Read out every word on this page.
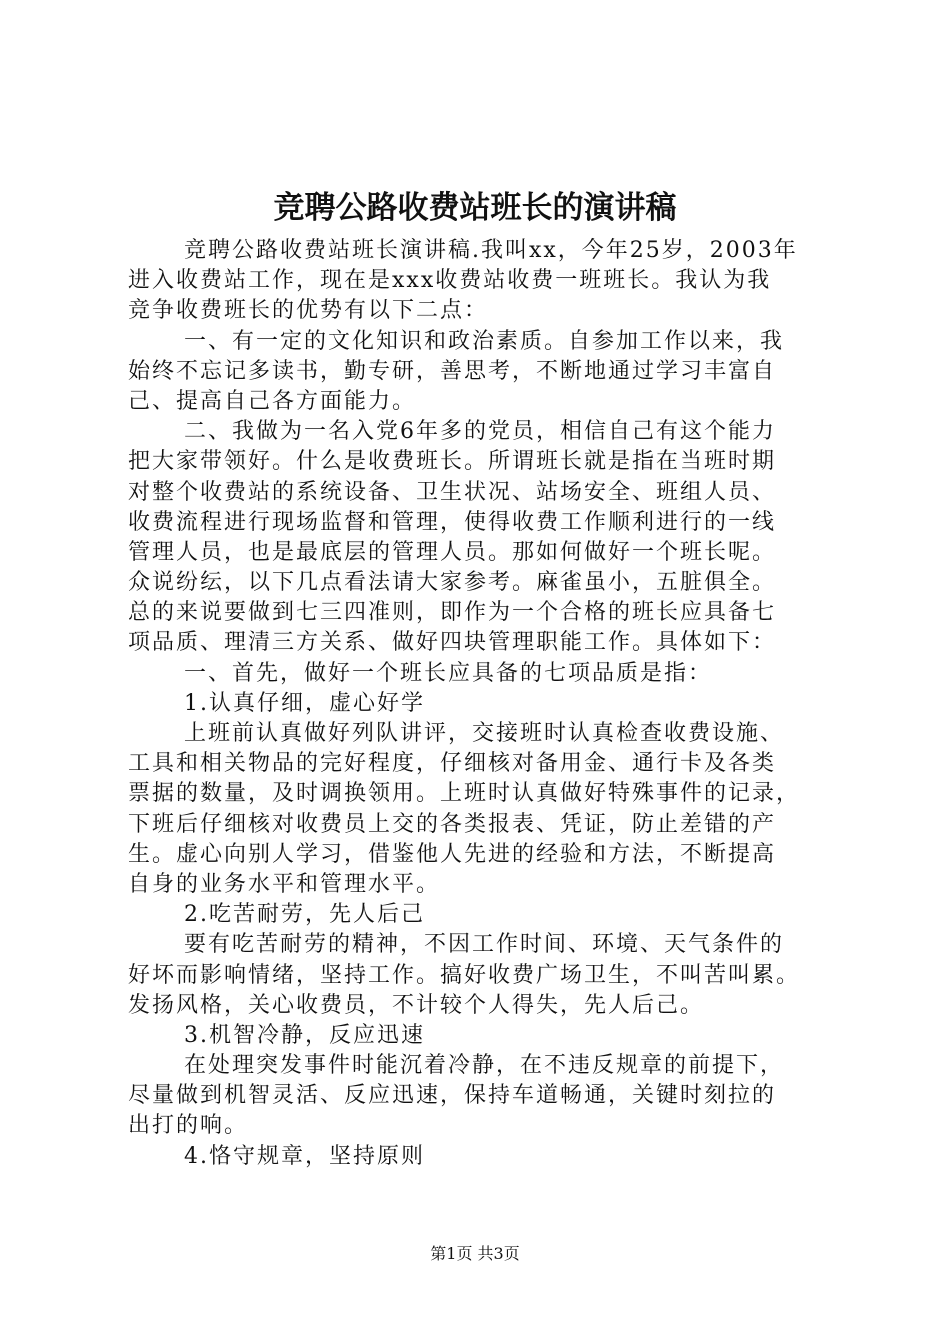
竞聘公路收费站班长的演讲稿
竞聘公路收费站班长演讲稿.我叫xx，今年25岁，2003年
进入收费站工作，现在是xxx收费站收费一班班长。我认为我
竞争收费班长的优势有以下二点：
一、有一定的文化知识和政治素质。自参加工作以来，我
始终不忘记多读书，勤专研，善思考，不断地通过学习丰富自
己、提高自己各方面能力。
二、我做为一名入党6年多的党员，相信自己有这个能力
把大家带领好。什么是收费班长。所谓班长就是指在当班时期
对整个收费站的系统设备、卫生状况、站场安全、班组人员、
收费流程进行现场监督和管理，使得收费工作顺利进行的一线
管理人员，也是最底层的管理人员。那如何做好一个班长呢。
众说纷纭，以下几点看法请大家参考。麻雀虽小，五脏俱全。
总的来说要做到七三四准则，即作为一个合格的班长应具备七
项品质、理清三方关系、做好四块管理职能工作。具体如下：
一、首先，做好一个班长应具备的七项品质是指：
1.认真仔细，虚心好学
上班前认真做好列队讲评，交接班时认真检查收费设施、
工具和相关物品的完好程度，仔细核对备用金、通行卡及各类
票据的数量，及时调换领用。上班时认真做好特殊事件的记录，
下班后仔细核对收费员上交的各类报表、凭证，防止差错的产
生。虚心向别人学习，借鉴他人先进的经验和方法，不断提高
自身的业务水平和管理水平。
2.吃苦耐劳，先人后己
要有吃苦耐劳的精神，不因工作时间、环境、天气条件的
好坏而影响情绪，坚持工作。搞好收费广场卫生，不叫苦叫累。
发扬风格，关心收费员，不计较个人得失，先人后己。
3.机智冷静，反应迅速
在处理突发事件时能沉着冷静，在不违反规章的前提下，
尽量做到机智灵活、反应迅速，保持车道畅通，关键时刻拉的
出打的响。
4.恪守规章，坚持原则
第1页 共3页
